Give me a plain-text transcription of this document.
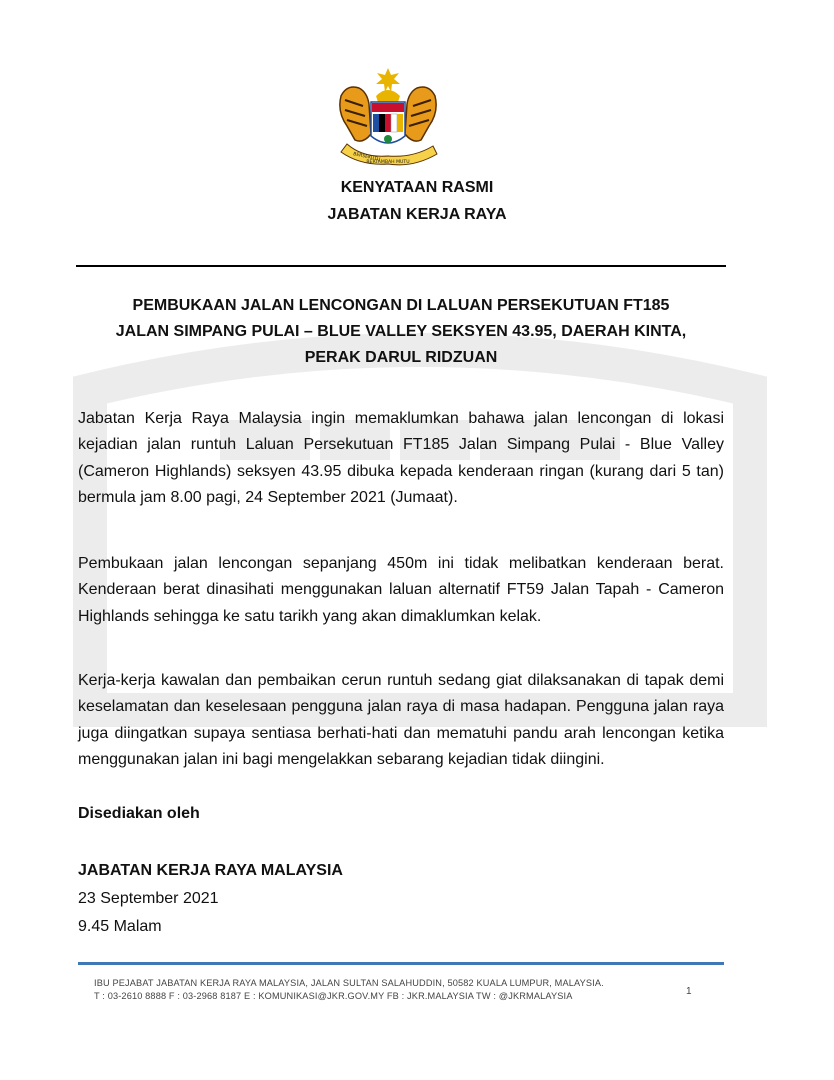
BERSEKUTU
BERTAMBAH MUTU
KENYATAAN RASMI
JABATAN KERJA RAYA
PEMBUKAAN JALAN LENCONGAN DI LALUAN PERSEKUTUAN FT185
JALAN SIMPANG PULAI – BLUE VALLEY SEKSYEN 43.95, DAERAH KINTA,
PERAK DARUL RIDZUAN
Jabatan Kerja Raya Malaysia ingin memaklumkan bahawa jalan lencongan di lokasi kejadian jalan runtuh Laluan Persekutuan FT185 Jalan Simpang Pulai - Blue Valley (Cameron Highlands) seksyen 43.95 dibuka kepada kenderaan ringan (kurang dari 5 tan) bermula jam 8.00 pagi, 24 September 2021 (Jumaat).
Pembukaan jalan lencongan sepanjang 450m ini tidak melibatkan kenderaan berat. Kenderaan berat dinasihati menggunakan laluan alternatif FT59 Jalan Tapah - Cameron Highlands sehingga ke satu tarikh yang akan dimaklumkan kelak.
Kerja-kerja kawalan dan pembaikan cerun runtuh sedang giat dilaksanakan di tapak demi keselamatan dan keselesaan pengguna jalan raya di masa hadapan. Pengguna jalan raya juga diingatkan supaya sentiasa berhati-hati dan mematuhi pandu arah lencongan ketika menggunakan jalan ini bagi mengelakkan sebarang kejadian tidak diingini.
Disediakan oleh
JABATAN KERJA RAYA MALAYSIA
23 September 2021
9.45 Malam
IBU PEJABAT JABATAN KERJA RAYA MALAYSIA, JALAN SULTAN SALAHUDDIN, 50582 KUALA LUMPUR, MALAYSIA.
T : 03-2610 8888 F : 03-2968 8187 E : KOMUNIKASI@JKR.GOV.MY FB : JKR.MALAYSIA TW : @JKRMALAYSIA	1
